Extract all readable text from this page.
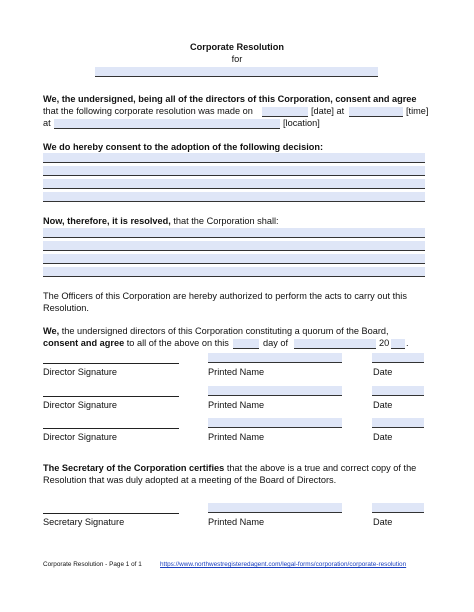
Corporate Resolution
for
We, the undersigned, being all of the directors of this Corporation, consent and agree
that the following corporate resolution was made on	[date] at	[time]
at	[location]
We do hereby consent to the adoption of the following decision:
Now, therefore, it is resolved, that the Corporation shall:
The Officers of this Corporation are hereby authorized to perform the acts to carry out this
Resolution.
We, the undersigned directors of this Corporation constituting a quorum of the Board,
consent and agree to all of the above on this	day of	20 .
Director Signature	Printed Name	Date
Director Signature	Printed Name	Date
Director Signature	Printed Name	Date
The Secretary of the Corporation certifies that the above is a true and correct copy of the
Resolution that was duly adopted at a meeting of the Board of Directors.
Secretary Signature	Printed Name	Date
Corporate Resolution - Page 1 of 1	https://www.northwestregisteredagent.com/legal-forms/corporation/corporate-resolution
